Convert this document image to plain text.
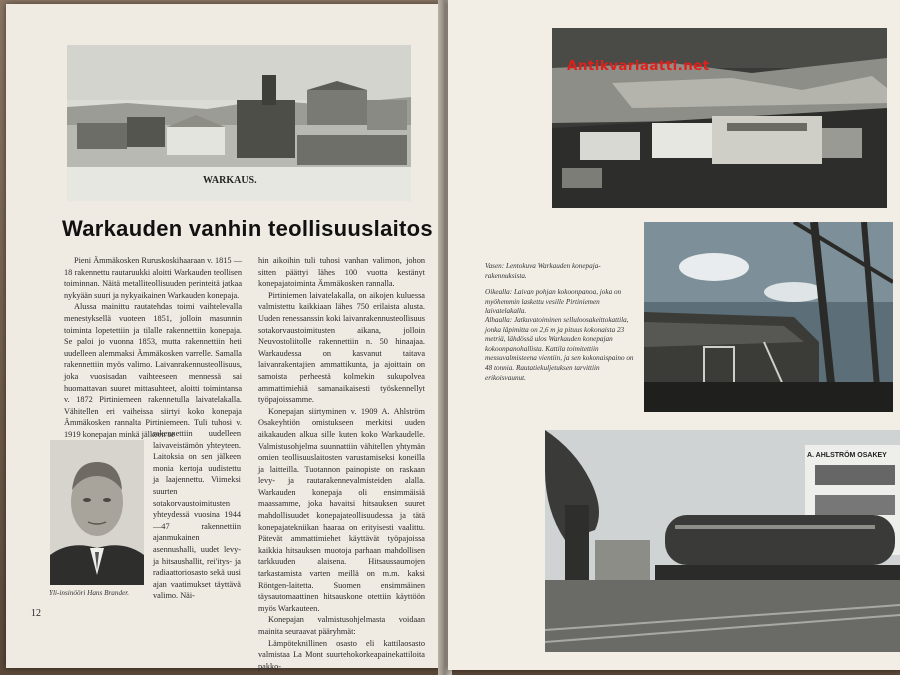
WARKAUS.
Warkauden vanhin teollisuuslaitos

Pieni Ämmäkosken Ruruskoskihaaraan v. 1815 —18 rakennettu rautaruukki aloitti Warkauden teollisen toiminnan. Näitä metalliteollisuuden perinteitä jatkaa nykyään suuri ja nykyaikainen Warkauden konepaja.

Alussa mainittu rautatehdas toimi vaihtelevalla menestyksellä vuoteen 1851, jolloin masunnin toiminta lopetettiin ja tilalle rakennettiin konepaja. Se paloi jo vuonna 1853, mutta rakennettiin heti uudelleen alemmaksi Ämmäkosken varrelle. Samalla rakennettiin myös valimo. Laivanrakennusteollisuus, joka vuosisadan vaihteeseen mennessä sai huomattavan suuret mittasuhteet, aloitti toimintansa v. 1872 Pirtiniemeen rakennetulla laivatelakalla. Vähitellen eri vaiheissa siirtyi koko konepaja Ämmäkosken rannalta Pirtiniemeen. Tuli tuhosi v. 1919 konepajan minkä jälkeen se

Yli-insinööri Hans Brander.
rakennettiin uudelleen laivaveistämön yhteyteen. Laitoksia on sen jälkeen monia kertoja uudistettu ja laajennettu. Viimeksi suurten sotakorvaustoimitusten yhteydessä vuosina 1944—47 rakennettiin ajanmukainen asennushalli, uudet levy- ja hitsaushallit, rei'itys- ja radiaattoriosasto sekä uusi ajan vaatimukset täyttävä valimo. Näi-

hin aikoihin tuli tuhosi vanhan valimon, johon sitten päättyi lähes 100 vuotta kestänyt konepajatoiminta Ämmäkosken rannalla.

Pirtiniemen laivatelakalla, on aikojen kuluessa valmistettu kaikkiaan lähes 750 erilaista alusta. Uuden renessanssin koki laivanrakennusteollisuus sotakorvaustoimitusten aikana, jolloin Neuvostoliitolle rakennettiin n. 50 hinaajaa. Warkaudessa on kasvanut taitava laivanrakentajien ammattikunta, ja ajoittain on samoista perheestä kolmekin sukupolvea ammattimiehiä samanaikaisesti työskennellyt työpajoissamme.

Konepajan siirtyminen v. 1909 A. Ahlström Osakeyhtiön omistukseen merkitsi uuden aikakauden alkua sille kuten koko Warkaudelle. Valmistusohjelma suunnattiin vähitellen yhtymän omien teollisuuslaitosten varustamiseksi koneilla ja laitteilla. Tuotannon painopiste on raskaan levy- ja rautarakennevalmisteiden alalla. Warkauden konepaja oli ensimmäisiä maassamme, joka havaitsi hitsauksen suuret mahdollisuudet konepajateollisuudessa ja tätä konepajatekniikan haaraa on erityisesti vaalittu. Pätevät ammattimiehet käyttävät työpajoissa kaikkia hitsauksen muotoja parhaan mahdollisen tarkkuuden alaisena. Hitsaussaumojen tarkastamista varten meillä on m.m. kaksi Röntgen-laitetta. Suomen ensimmäinen täysautomaattinen hitsauskone otettiin käyttöön myös Warkauteen.

Konepajan valmistusohjelmasta voidaan mainita seuraavat pääryhmät:

Lämpöteknillinen osasto eli kattilaosasto valmistaa La Mont suurtehokorkeapainekattiloita pakko-

12
Antikvariaatti.net
Vasen: Lentokuva Warkauden konepaja-rakennuksista.
Oikealla: Laivan pohjan kokoonpanoa, joka on myöhemmin laskettu vesille Pirtiniemen laivatelakalla.
Alhaalla: Jatkuvatoiminen selluloosakeittokattila, jonka läpimitta on 2,6 m ja pituus kokonaista 23 metriä, lähdössä ulos Warkauden konepajan kokoonpanohallista. Kattila toimitettiin messuvalmisteena vientiin, ja sen kokonaispaino on 48 tonnia. Rautatiekuljetuksen tarvittiin erikoisvaunut.
A. AHLSTRÖM OSAKEY
